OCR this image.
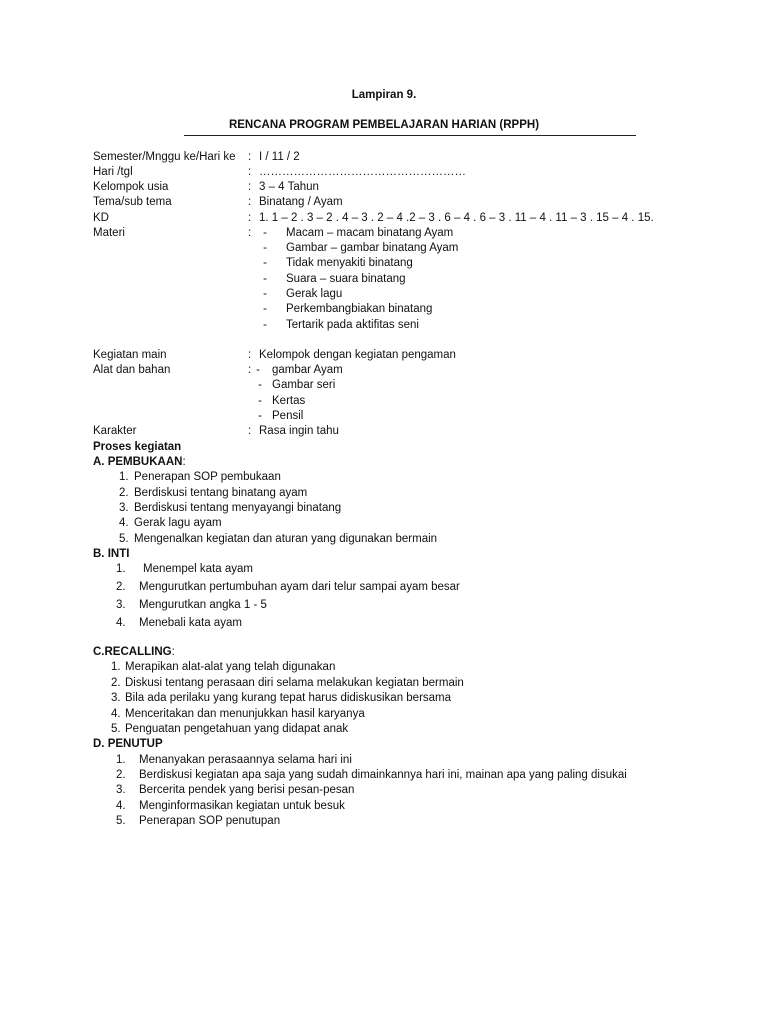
Lampiran 9.
RENCANA PROGRAM PEMBELAJARAN HARIAN (RPPH)
Semester/Mnggu ke/Hari ke : I / 11 / 2
Hari /tgl	: ………………………………………………
Kelompok usia	: 3 – 4 Tahun
Tema/sub tema	: Binatang / Ayam
KD	: 1. 1 – 2 . 3 – 2 . 4 – 3 . 2 – 4 .2 – 3 . 6 – 4 . 6 – 3 . 11 – 4 . 11 – 3 . 15 – 4 . 15.
Materi	: - Macam – macam binatang Ayam
- Gambar – gambar binatang Ayam
- Tidak menyakiti binatang
- Suara – suara binatang
- Gerak lagu
- Perkembangbiakan binatang
- Tertarik pada aktifitas seni
Kegiatan main	: Kelompok dengan kegiatan pengaman
Alat dan bahan	: - gambar Ayam
- Gambar seri
- Kertas
- Pensil
Karakter	: Rasa ingin tahu
Proses kegiatan
A. PEMBUKAAN:
1. Penerapan SOP pembukaan
2. Berdiskusi tentang binatang ayam
3. Berdiskusi tentang menyayangi binatang
4. Gerak lagu ayam
5. Mengenalkan kegiatan dan aturan yang digunakan bermain
B. INTI
1. Menempel kata ayam
2. Mengurutkan pertumbuhan ayam dari telur sampai ayam besar
3. Mengurutkan angka 1 - 5
4. Menebali kata ayam
C.RECALLING:
1. Merapikan alat-alat yang telah digunakan
2. Diskusi tentang perasaan diri selama melakukan kegiatan bermain
3. Bila ada perilaku yang kurang tepat harus didiskusikan bersama
4. Menceritakan dan menunjukkan hasil karyanya
5. Penguatan pengetahuan yang didapat anak
D. PENUTUP
1. Menanyakan perasaannya selama hari ini
2. Berdiskusi kegiatan apa saja yang sudah dimainkannya hari ini, mainan apa yang paling disukai
3. Bercerita pendek yang berisi pesan-pesan
4. Menginformasikan kegiatan untuk besuk
5. Penerapan SOP penutupan
